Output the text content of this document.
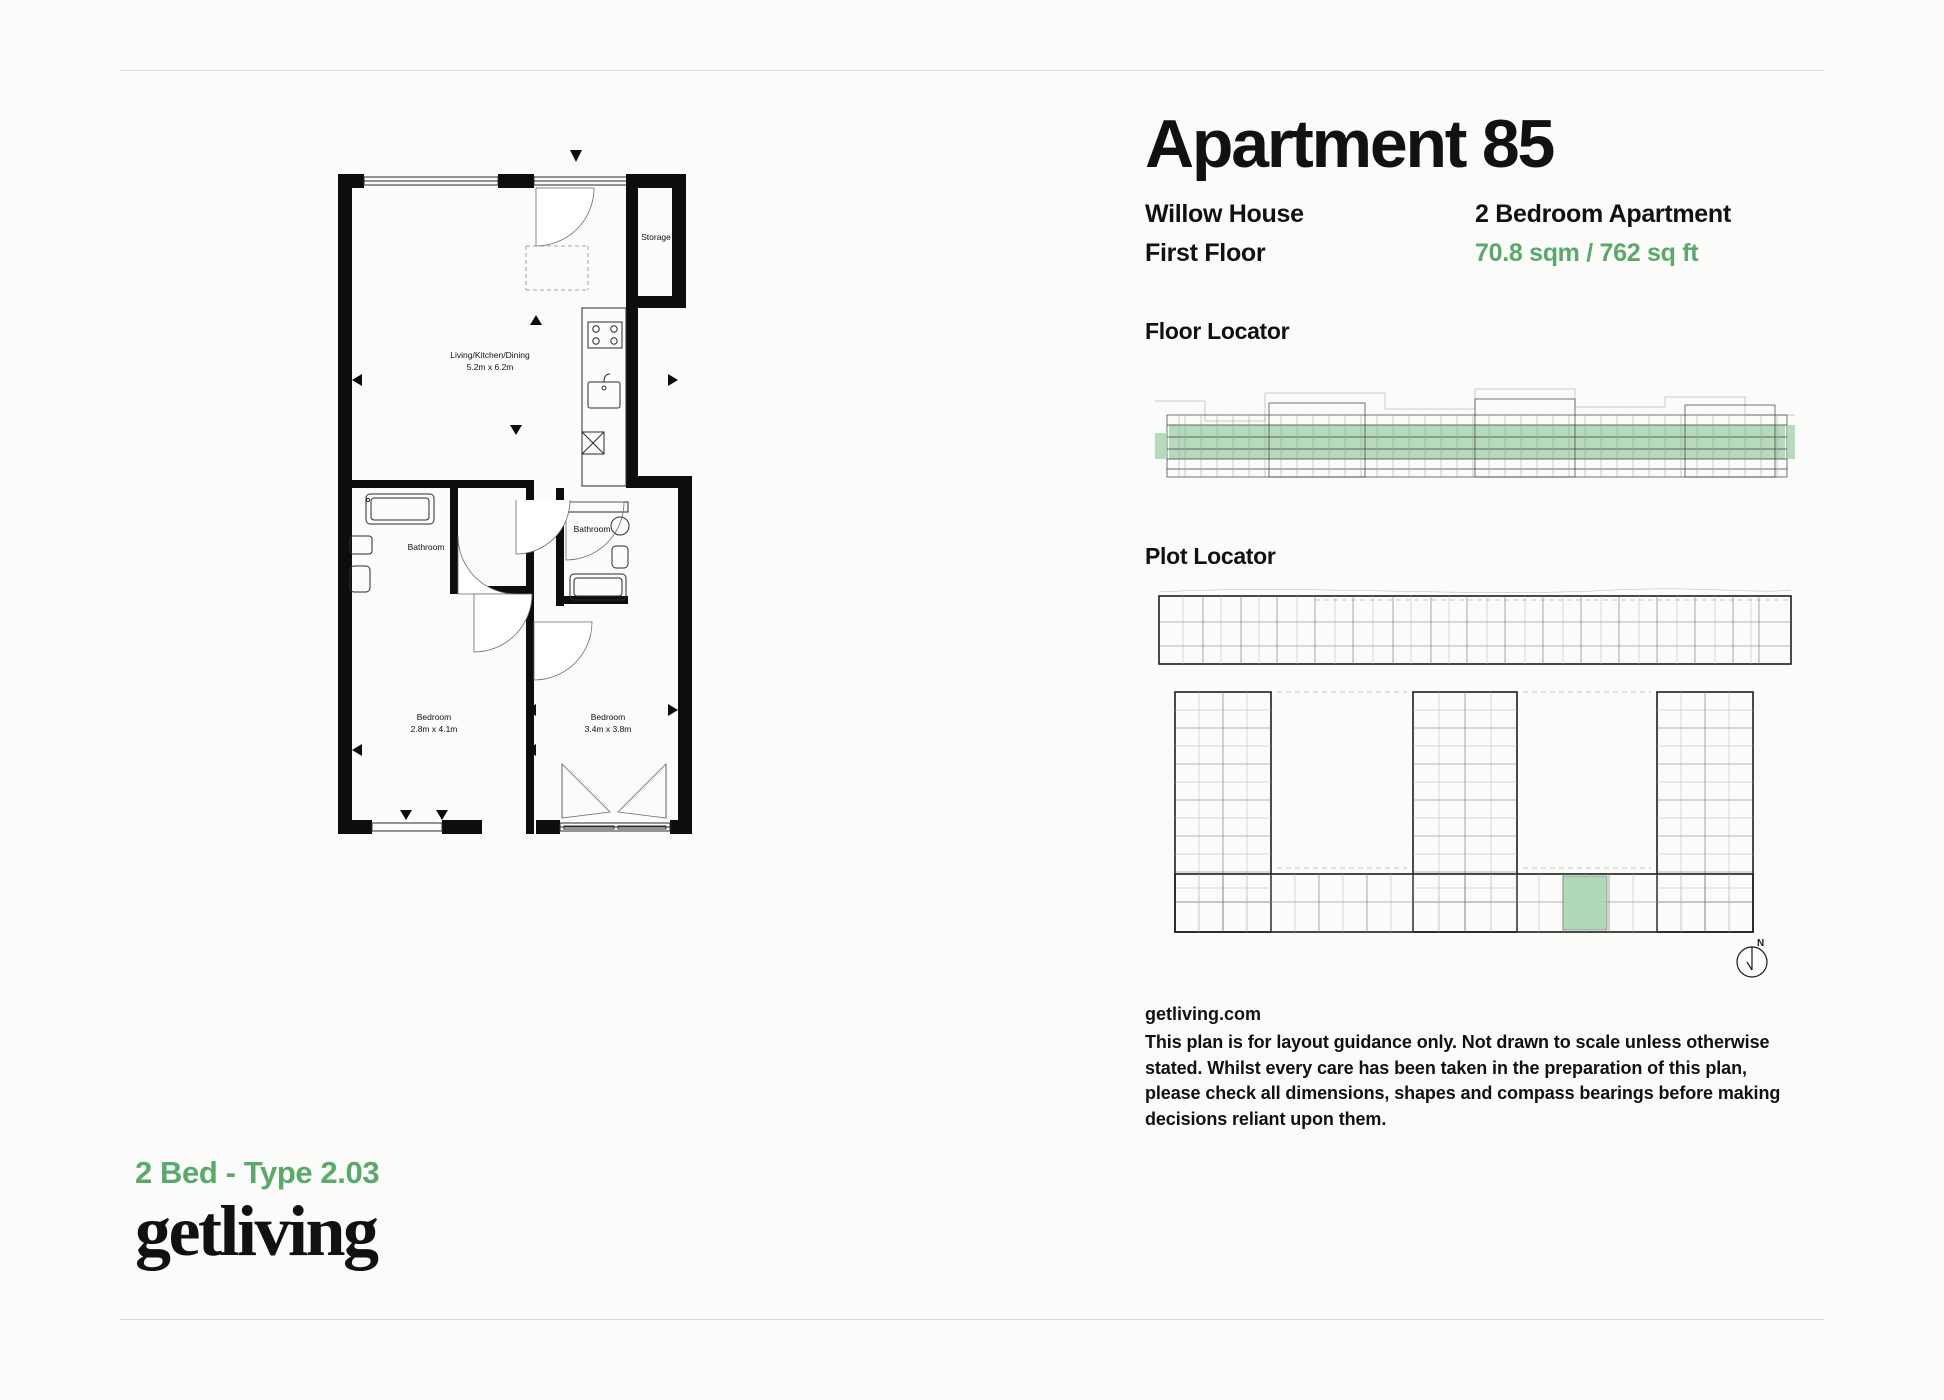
Storage
Living/Kitchen/Dining
5.2m x 6.2m
Bathroom
Bathroom
Bedroom
2.8m x 4.1m
Bedroom
3.4m x 3.8m
2 Bed - Type 2.03
getliving
Apartment 85
Willow House	2 Bedroom Apartment
First Floor	70.8 sqm / 762 sq ft
Floor Locator
Plot Locator
N
getliving.com
This plan is for layout guidance only. Not drawn to scale unless otherwise stated. Whilst every care has been taken in the preparation of this plan, please check all dimensions, shapes and compass bearings before making decisions reliant upon them.
